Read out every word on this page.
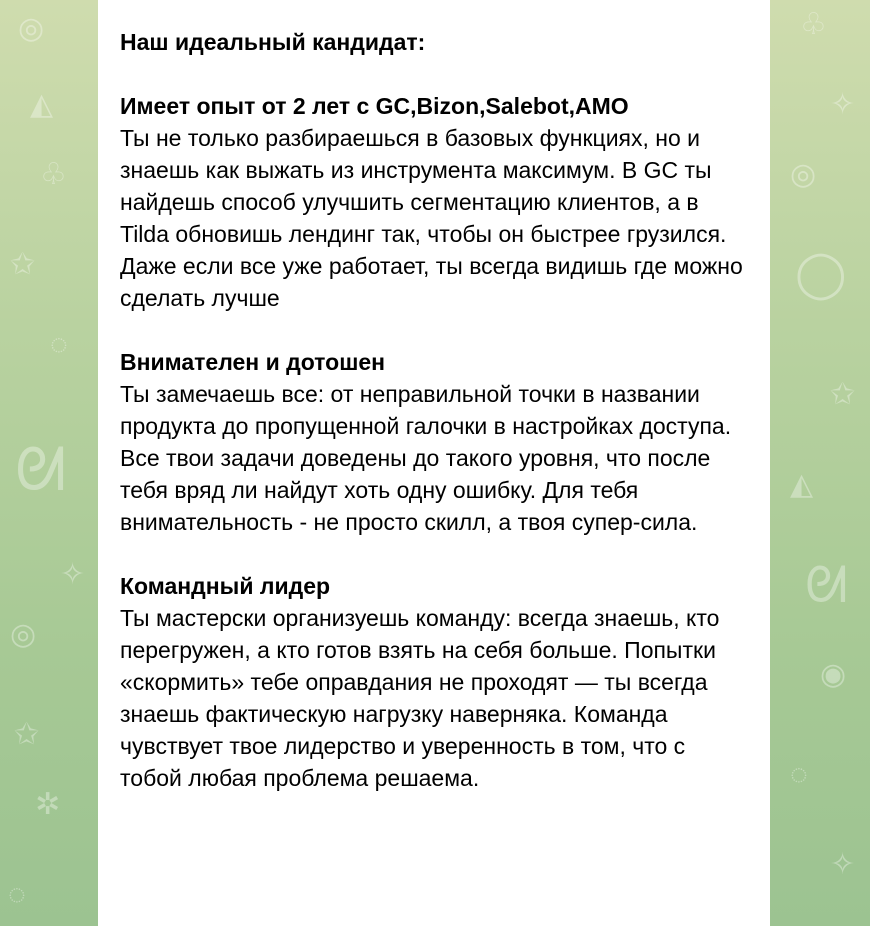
◎
◭
♧
✩
◌
ᘛ
✧
◎
✩
✲
◌
♧
✧
◎
◯
✩
◭
ᘛ
◉
◌
✧
Наш идеальный кандидат:
Имеет опыт от 2 лет с GC,Bizon,Salebot,AMO
Ты не только разбираешься в базовых функциях, но и знаешь как выжать из инструмента максимум. В GC ты найдешь способ улучшить сегментацию клиентов, а в Tilda обновишь лендинг так, чтобы он быстрее грузился. Даже если все уже работает, ты всегда видишь где можно сделать лучше
Внимателен и дотошен
Ты замечаешь все: от неправильной точки в названии продукта до пропущенной галочки в настройках доступа. Все твои задачи доведены до такого уровня, что после тебя вряд ли найдут хоть одну ошибку. Для тебя внимательность - не просто скилл, а твоя супер-сила.
Командный лидер
Ты мастерски организуешь команду: всегда знаешь, кто перегружен, а кто готов взять на себя больше. Попытки «скормить» тебе оправдания не проходят — ты всегда знаешь фактическую нагрузку наверняка. Команда чувствует твое лидерство и уверенность в том, что с тобой любая проблема решаема.
